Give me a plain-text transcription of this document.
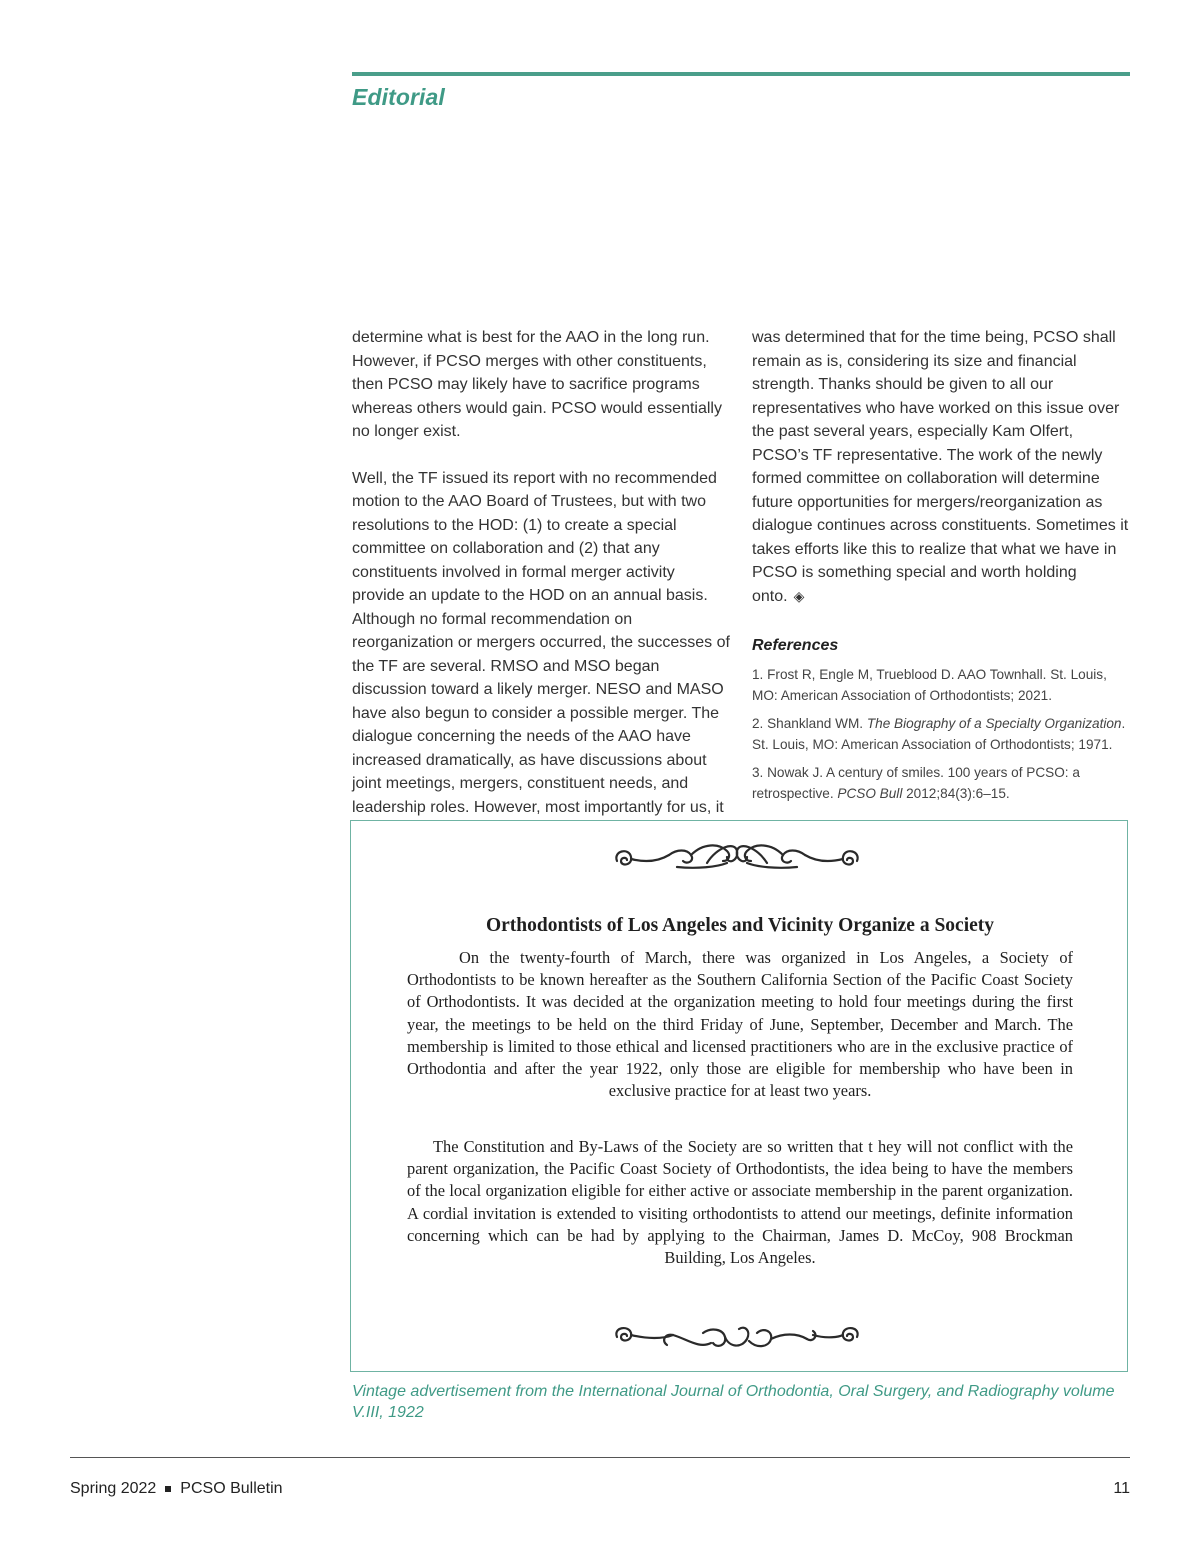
Editorial

determine what is best for the AAO in the long run. However, if PCSO merges with other constituents, then PCSO may likely have to sacrifice programs whereas others would gain. PCSO would essentially no longer exist.

Well, the TF issued its report with no recommended motion to the AAO Board of Trustees, but with two resolutions to the HOD: (1) to create a special committee on collaboration and (2) that any constituents involved in formal merger activity provide an update to the HOD on an annual basis. Although no formal recommendation on reorganization or mergers occurred, the successes of the TF are several. RMSO and MSO began discussion toward a likely merger. NESO and MASO have also begun to consider a possible merger. The dialogue concerning the needs of the AAO have increased dramatically, as have discussions about joint meetings, mergers, constituent needs, and leadership roles. However, most importantly for us, it

was determined that for the time being, PCSO shall remain as is, considering its size and financial strength. Thanks should be given to all our representatives who have worked on this issue over the past several years, especially Kam Olfert, PCSO’s TF representative. The work of the newly formed committee on collaboration will determine future opportunities for mergers/reorganization as dialogue continues across constituents. Sometimes it takes efforts like this to realize that what we have in PCSO is something special and worth holding onto. ◈

References

1. Frost R, Engle M, Trueblood D. AAO Townhall. St. Louis, MO: American Association of Orthodontists; 2021.

2. Shankland WM. The Biography of a Specialty Organization. St. Louis, MO: American Association of Orthodontists; 1971.

3. Nowak J. A century of smiles. 100 years of PCSO: a retrospective. PCSO Bull 2012;84(3):6–15.

Orthodontists of Los Angeles and Vicinity Organize a Society
On the twenty-fourth of March, there was organized in Los Angeles, a Society of Orthodontists to be known hereafter as the Southern California Section of the Pacific Coast Society of Orthodontists. It was decided at the organization meeting to hold four meetings during the first year, the meetings to be held on the third Friday of June, September, December and March. The membership is limited to those ethical and licensed practitioners who are in the exclusive practice of Orthodontia and after the year 1922, only those are eligible for membership who have been in exclusive practice for at least two years.
The Constitution and By-Laws of the Society are so written that t hey will not conflict with the parent organization, the Pacific Coast Society of Orthodontists, the idea being to have the members of the local organization eligible for either active or associate membership in the parent organization. A cordial invitation is extended to visiting orthodontists to attend our meetings, definite information concerning which can be had by applying to the Chairman, James D. McCoy, 908 Brockman Building, Los Angeles.
Vintage advertisement from the International Journal of Orthodontia, Oral Surgery, and Radiography volume V.III, 1922
Spring 2022 PCSO Bulletin	11
